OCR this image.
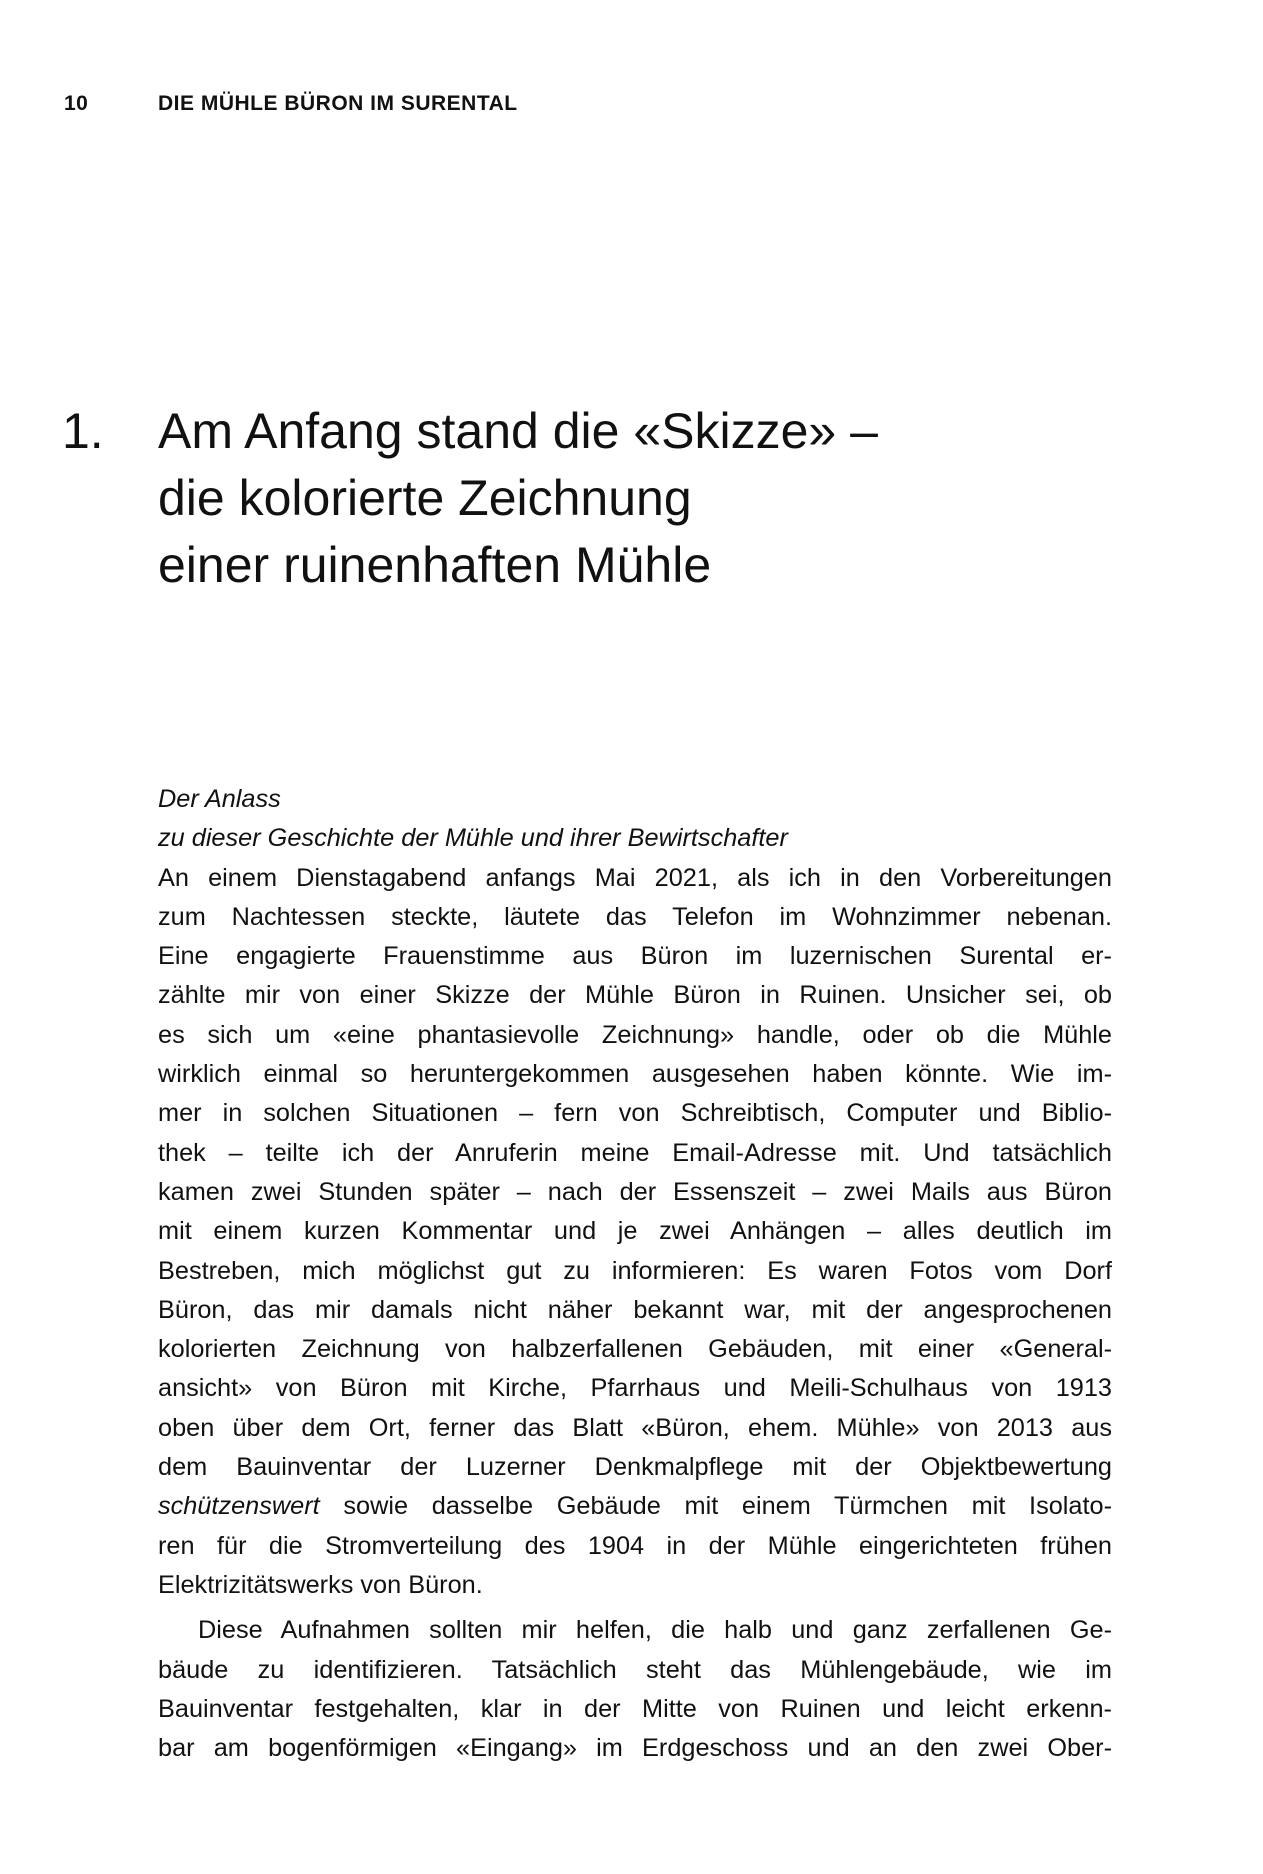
10	DIE MÜHLE BÜRON IM SURENTAL
1. Am Anfang stand die «Skizze» –
die kolorierte Zeichnung
einer ruinenhaften Mühle
Der Anlass
zu dieser Geschichte der Mühle und ihrer Bewirtschafter
An einem Dienstagabend anfangs Mai 2021, als ich in den Vorbereitungen
zum Nachtessen steckte, läutete das Telefon im Wohnzimmer nebenan.
Eine engagierte Frauenstimme aus Büron im luzernischen Surental er-
zählte mir von einer Skizze der Mühle Büron in Ruinen. Unsicher sei, ob
es sich um «eine phantasievolle Zeichnung» handle, oder ob die Mühle
wirklich einmal so heruntergekommen ausgesehen haben könnte. Wie im-
mer in solchen Situationen – fern von Schreibtisch, Computer und Biblio-
thek – teilte ich der Anruferin meine Email-Adresse mit. Und tatsächlich
kamen zwei Stunden später – nach der Essenszeit – zwei Mails aus Büron
mit einem kurzen Kommentar und je zwei Anhängen – alles deutlich im
Bestreben, mich möglichst gut zu informieren: Es waren Fotos vom Dorf
Büron, das mir damals nicht näher bekannt war, mit der angesprochenen
kolorierten Zeichnung von halbzerfallenen Gebäuden, mit einer «General-
ansicht» von Büron mit Kirche, Pfarrhaus und Meili-Schulhaus von 1913
oben über dem Ort, ferner das Blatt «Büron, ehem. Mühle» von 2013 aus
dem Bauinventar der Luzerner Denkmalpflege mit der Objektbewertung
schützenswert sowie dasselbe Gebäude mit einem Türmchen mit Isolato-
ren für die Stromverteilung des 1904 in der Mühle eingerichteten frühen
Elektrizitätswerks von Büron.
Diese Aufnahmen sollten mir helfen, die halb und ganz zerfallenen Ge-
bäude zu identifizieren. Tatsächlich steht das Mühlengebäude, wie im
Bauinventar festgehalten, klar in der Mitte von Ruinen und leicht erkenn-
bar am bogenförmigen «Eingang» im Erdgeschoss und an den zwei Ober-
